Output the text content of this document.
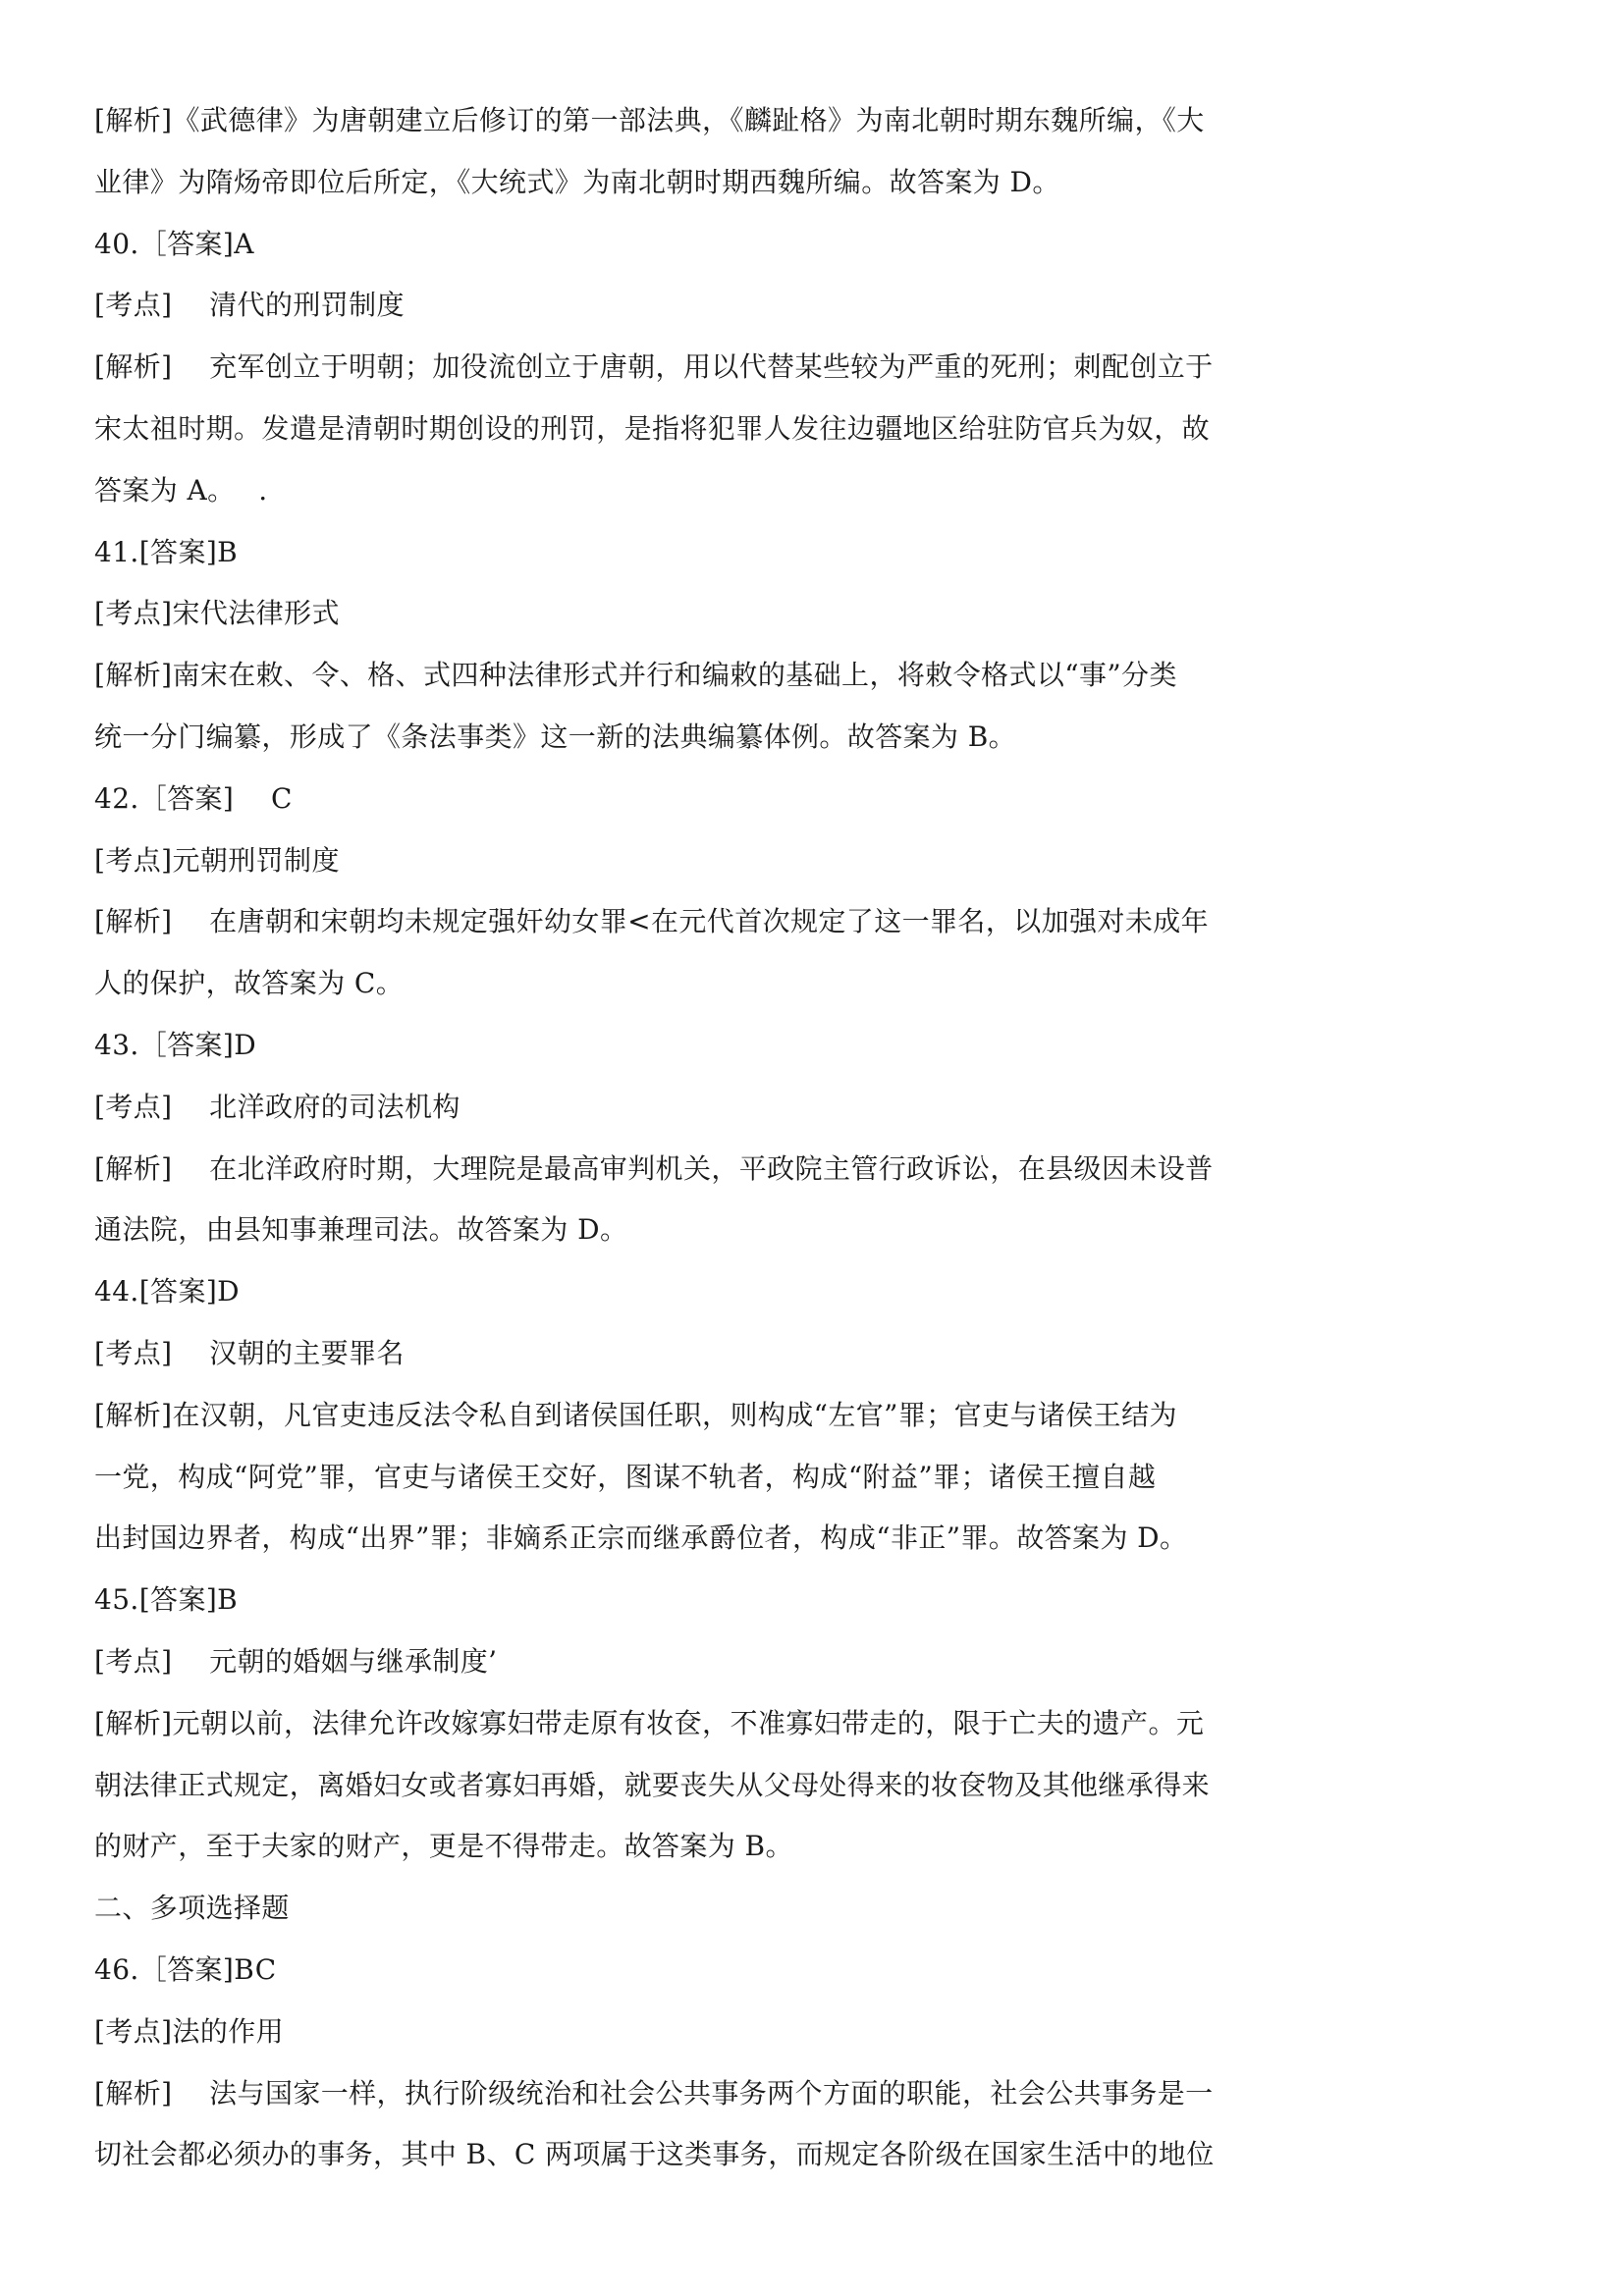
[解析]《武德律》为唐朝建立后修订的第一部法典，《麟趾格》为南北朝时期东魏所编，《大
业律》为隋炀帝即位后所定，《大统式》为南北朝时期西魏所编。故答案为 D。
40.［答案]A
[考点]　 清代的刑罚制度
[解析]　 充军创立于明朝；加役流创立于唐朝，用以代替某些较为严重的死刑；刺配创立于
宋太祖时期。发遣是清朝时期创设的刑罚，是指将犯罪人发往边疆地区给驻防官兵为奴，故
答案为 A。　 .
41.[答案]B
[考点]宋代法律形式
[解析]南宋在敕、令、格、式四种法律形式并行和编敕的基础上，将敕令格式以“事”分类
统一分门编纂，形成了《条法事类》这一新的法典编纂体例。故答案为 B。
42.［答案]　 C
[考点]元朝刑罚制度
[解析]　 在唐朝和宋朝均未规定强奸幼女罪<在元代首次规定了这一罪名，以加强对未成年
人的保护，故答案为 C。
43.［答案]D
[考点]　 北洋政府的司法机构
[解析]　 在北洋政府时期，大理院是最高审判机关，平政院主管行政诉讼，在县级因未设普
通法院，由县知事兼理司法。故答案为 D。
44.[答案]D
[考点]　 汉朝的主要罪名
[解析]在汉朝，凡官吏违反法令私自到诸侯国任职，则构成“左官”罪；官吏与诸侯王结为
一党，构成“阿党”罪，官吏与诸侯王交好，图谋不轨者，构成“附益”罪；诸侯王擅自越
出封国边界者，构成“出界”罪；非嫡系正宗而继承爵位者，构成“非正”罪。故答案为 D。
45.[答案]B
[考点]　 元朝的婚姻与继承制度’
[解析]元朝以前，法律允许改嫁寡妇带走原有妆奁，不准寡妇带走的，限于亡夫的遗产。元
朝法律正式规定，离婚妇女或者寡妇再婚，就要丧失从父母处得来的妆奁物及其他继承得来
的财产，至于夫家的财产，更是不得带走。故答案为 B。
二、多项选择题
46.［答案]BC
[考点]法的作用
[解析]　 法与国家一样，执行阶级统治和社会公共事务两个方面的职能，社会公共事务是一
切社会都必须办的事务，其中 B、C 两项属于这类事务，而规定各阶级在国家生活中的地位
